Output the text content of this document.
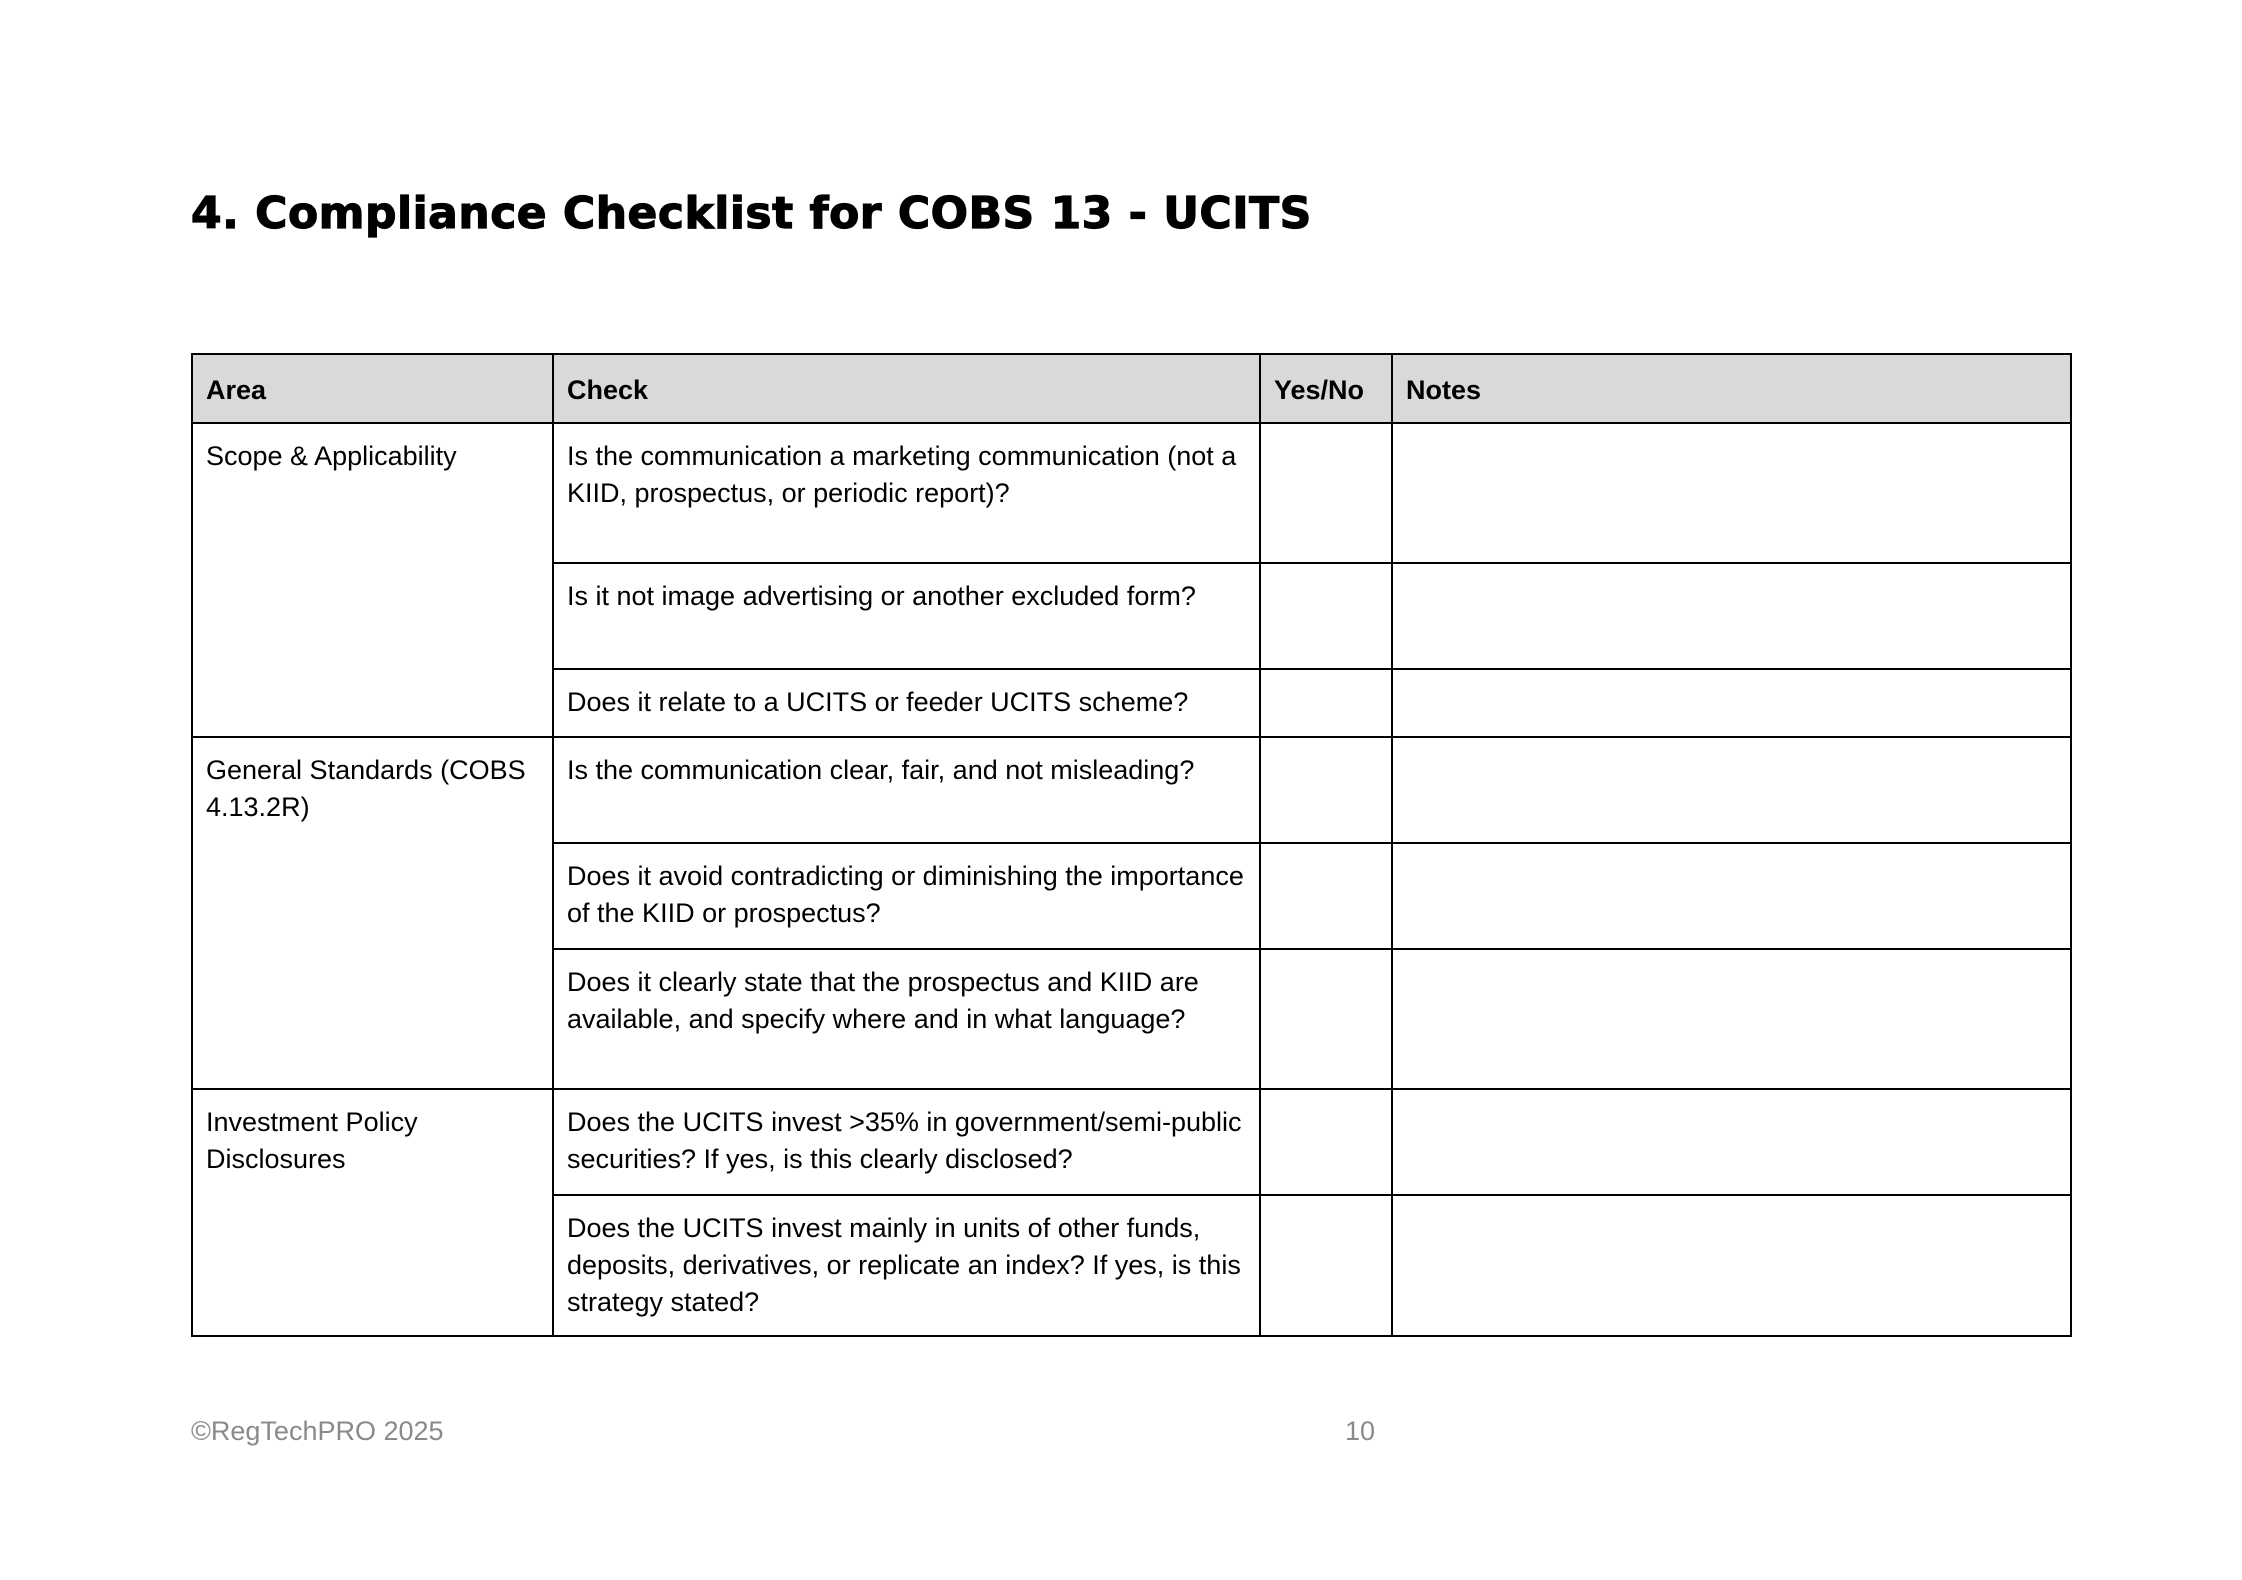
4. Compliance Checklist for COBS 13 - UCITS
Area	Check	Yes/No	Notes
Scope & Applicability	Is the communication a marketing communication (not a KIID, prospectus, or periodic report)?		
	Is it not image advertising or another excluded form?		
	Does it relate to a UCITS or feeder UCITS scheme?		
General Standards (COBS 4.13.2R)	Is the communication clear, fair, and not misleading?		
	Does it avoid contradicting or diminishing the importance of the KIID or prospectus?		
	Does it clearly state that the prospectus and KIID are available, and specify where and in what language?		
Investment Policy Disclosures	Does the UCITS invest >35% in government/semi-public securities? If yes, is this clearly disclosed?		
	Does the UCITS invest mainly in units of other funds, deposits, derivatives, or replicate an index? If yes, is this strategy stated?		
©RegTechPRO 2025	10
